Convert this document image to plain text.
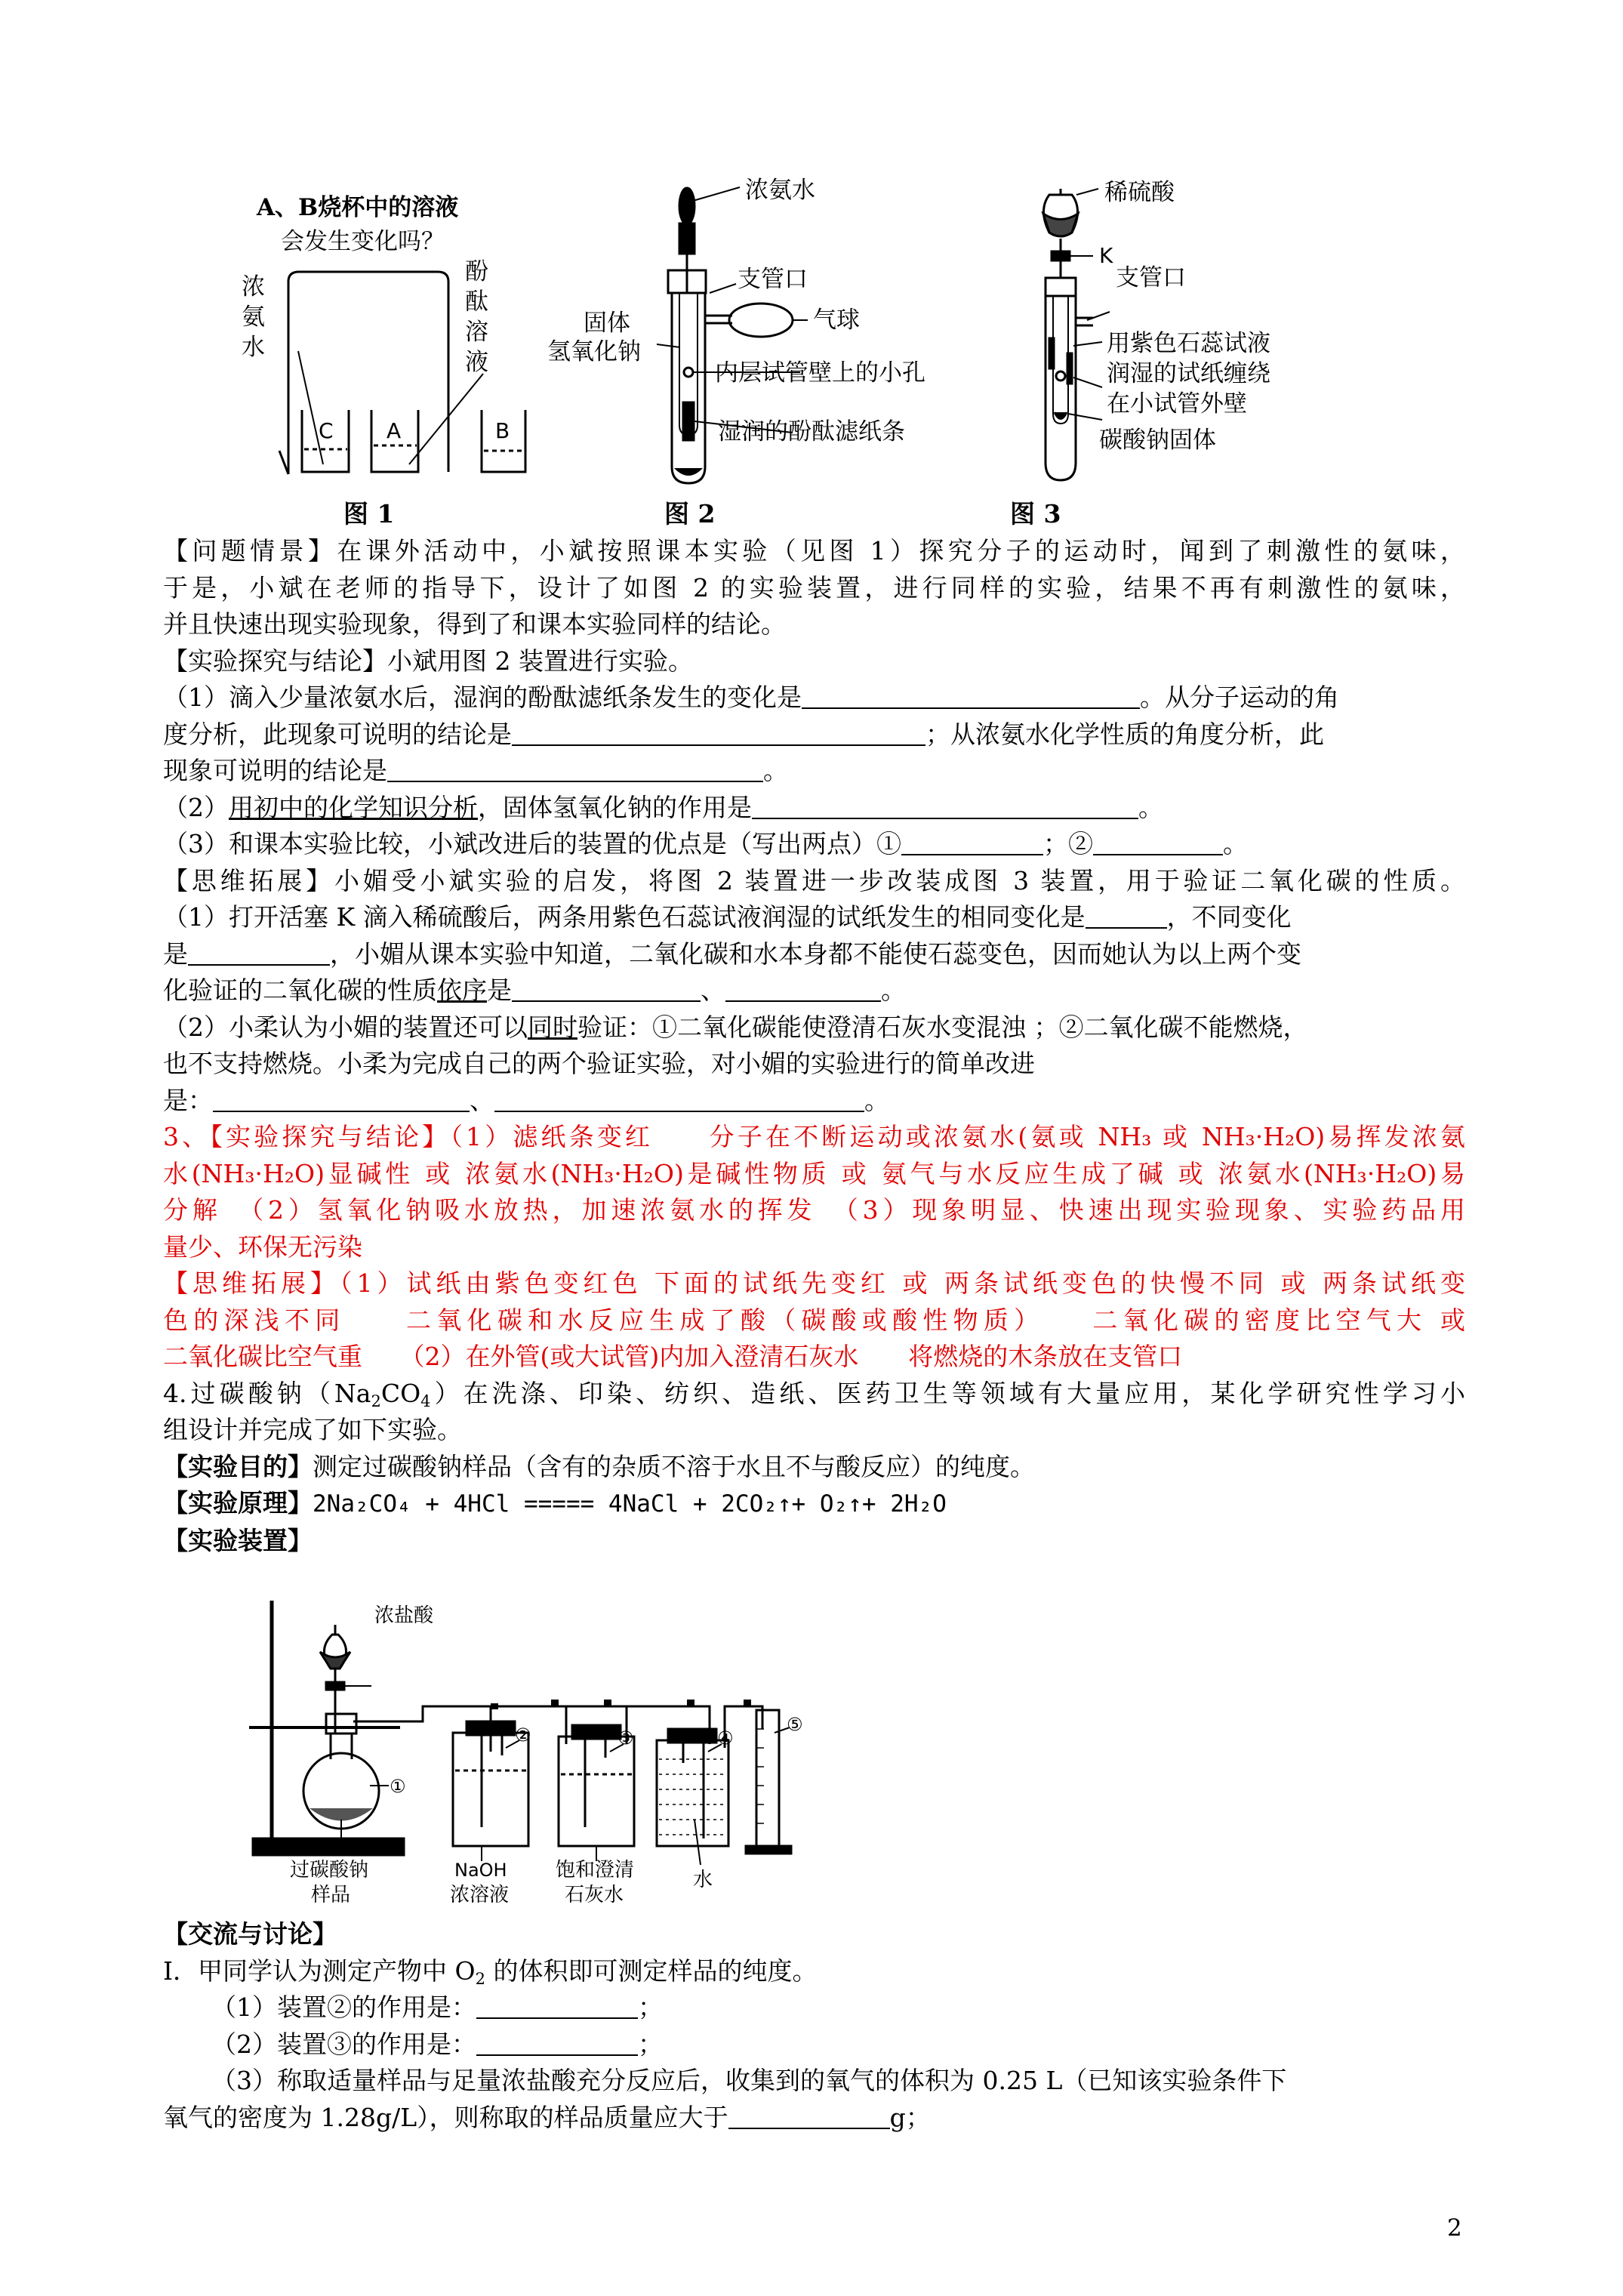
A、B烧杯中的溶液
会发生变化吗？
浓
氨
水
酚
酞
溶
液
C	A	B
图 1
浓氨水
支管口
气球
固体
氢氧化钠
内层试管壁上的小孔
湿润的酚酞滤纸条
图 2
稀硫酸
K
支管口
用紫色石蕊试液
润湿的试纸缠绕
在小试管外壁
碳酸钠固体
图 3

【问题情景】在课外活动中，小斌按照课本实验（见图 1）探究分子的运动时，闻到了刺激性的氨味，

于是，小斌在老师的指导下，设计了如图 2 的实验装置，进行同样的实验，结果不再有刺激性的氨味，

并且快速出现实验现象，得到了和课本实验同样的结论。

【实验探究与结论】小斌用图 2 装置进行实验。

（1）滴入少量浓氨水后，湿润的酚酞滤纸条发生的变化是	。从分子运动的角

度分析，此现象可说明的结论是	；从浓氨水化学性质的角度分析，此

现象可说明的结论是	。

（2）用初中的化学知识分析，固体氢氧化钠的作用是	。

（3）和课本实验比较，小斌改进后的装置的优点是（写出两点）①	；②	。

【思维拓展】小媚受小斌实验的启发，将图 2 装置进一步改装成图 3 装置，用于验证二氧化碳的性质。

（1）打开活塞 K 滴入稀硫酸后，两条用紫色石蕊试液润湿的试纸发生的相同变化是	，不同变化

是	，小媚从课本实验中知道，二氧化碳和水本身都不能使石蕊变色，因而她认为以上两个变

化验证的二氧化碳的性质依序是	、	。

（2）小柔认为小媚的装置还可以同时验证：①二氧化碳能使澄清石灰水变混浊 ；②二氧化碳不能燃烧，

也不支持燃烧。小柔为完成自己的两个验证实验，对小媚的实验进行的简单改进

是：	、	。

3、【实验探究与结论】（1）滤纸条变红　　分子在不断运动或浓氨水(氨或 NH₃ 或 NH₃·H₂O)易挥发浓氨

水(NH₃·H₂O)显碱性 或 浓氨水(NH₃·H₂O)是碱性物质 或 氨气与水反应生成了碱 或 浓氨水(NH₃·H₂O)易

分解　（2）氢氧化钠吸水放热，加速浓氨水的挥发　（3）现象明显、快速出现实验现象、实验药品用

量少、环保无污染

【思维拓展】（1）试纸由紫色变红色 下面的试纸先变红 或 两条试纸变色的快慢不同 或 两条试纸变

色的深浅不同　　二氧化碳和水反应生成了酸（碳酸或酸性物质）　　二氧化碳的密度比空气大 或

二氧化碳比空气重　　（2）在外管(或大试管)内加入澄清石灰水　　将燃烧的木条放在支管口

4.过碳酸钠$(Na_2CO_4)$在洗涤、印染、纺织、造纸、医药卫生等领域有大量应用，某化学研究性学习小

组设计并完成了如下实验。

【实验目的】测定过碳酸钠样品（含有的杂质不溶于水且不与酸反应）的纯度。

【实验原理】2Na₂CO₄ + 4HCl ===== 4NaCl + 2CO₂↑+ O₂↑+ 2H₂O

【实验装置】

浓盐酸
①
②	③	④
⑤
过碳酸钠
样品
NaOH
浓溶液
饱和澄清
石灰水
水

【交流与讨论】

Ⅰ．甲同学认为测定产物中 $O_2$ 的体积即可测定样品的纯度。

（1）装置②的作用是：	；

（2）装置③的作用是：	；

（3）称取适量样品与足量浓盐酸充分反应后，收集到的氧气的体积为 0.25 L（已知该实验条件下

氧气的密度为 1.28g/L），则称取的样品质量应大于	g；

2
